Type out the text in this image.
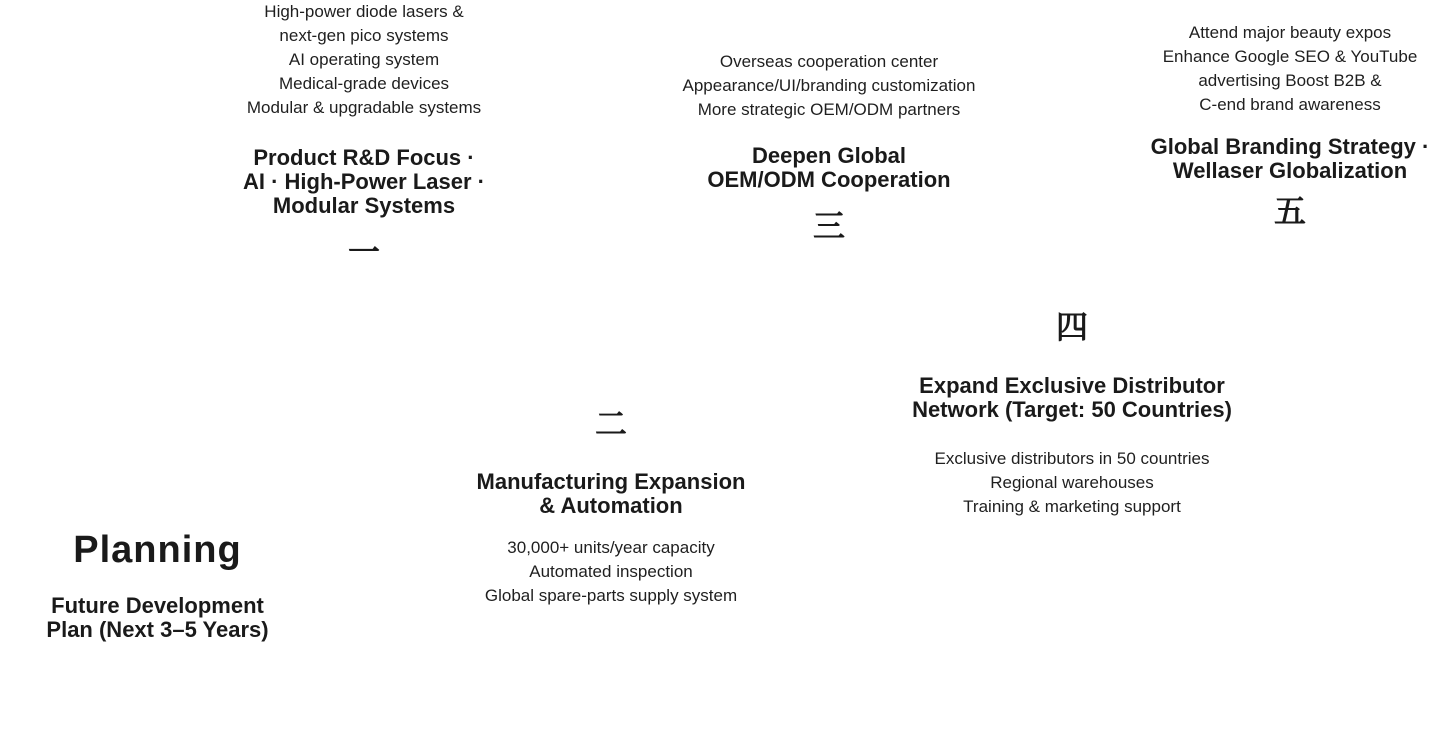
Planning
Future Development
Plan (Next 3–5 Years)
High-power diode lasers &
next-gen pico systems
AI operating system
Medical-grade devices
Modular & upgradable systems
Product R&D Focus ·
AI · High-Power Laser ·
Modular Systems
一
二
Manufacturing Expansion
& Automation
30,000+ units/year capacity
Automated inspection
Global spare-parts supply system
Overseas cooperation center
Appearance/UI/branding customization
More strategic OEM/ODM partners
Deepen Global
OEM/ODM Cooperation
三
四
Expand Exclusive Distributor
Network (Target: 50 Countries)
Exclusive distributors in 50 countries
Regional warehouses
Training & marketing support
Attend major beauty expos
Enhance Google SEO & YouTube
advertising Boost B2B &
C-end brand awareness
Global Branding Strategy ·
Wellaser Globalization
五
